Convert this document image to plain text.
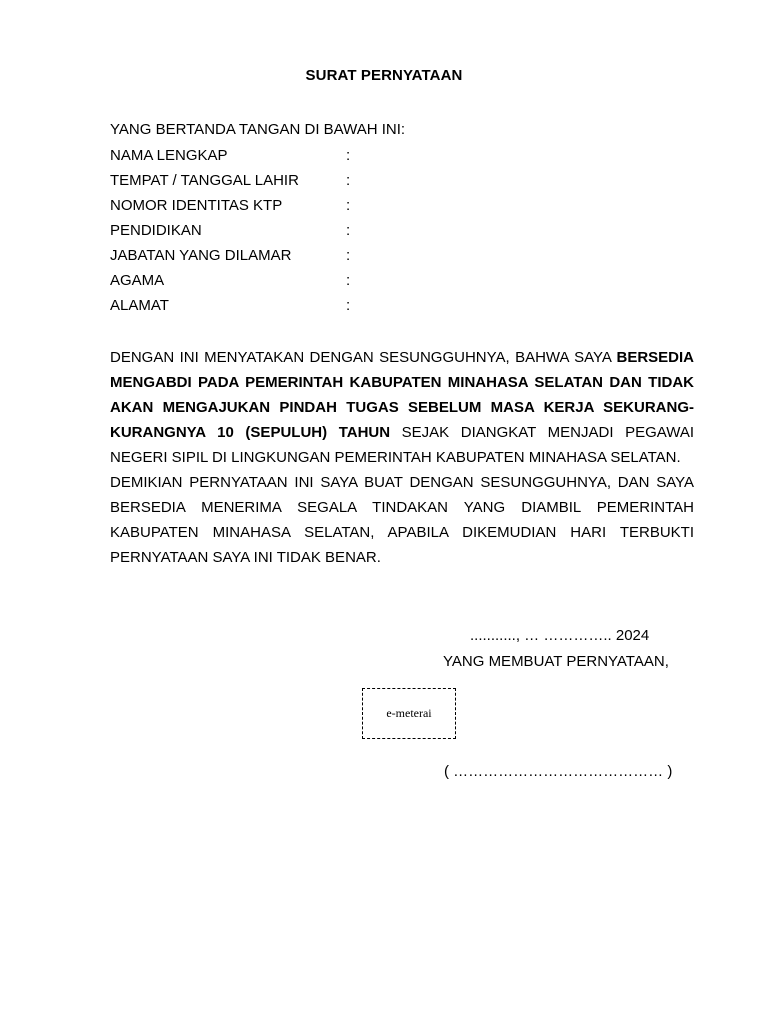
SURAT PERNYATAAN
YANG BERTANDA TANGAN DI BAWAH INI:
NAMA LENGKAP	:
TEMPAT / TANGGAL LAHIR	:
NOMOR IDENTITAS KTP	:
PENDIDIKAN	:
JABATAN YANG DILAMAR	:
AGAMA	:
ALAMAT	:

DENGAN INI MENYATAKAN DENGAN SESUNGGUHNYA, BAHWA SAYA BERSEDIA MENGABDI PADA PEMERINTAH KABUPATEN MINAHASA SELATAN DAN TIDAK AKAN MENGAJUKAN PINDAH TUGAS SEBELUM MASA KERJA SEKURANG-KURANGNYA 10 (SEPULUH) TAHUN SEJAK DIANGKAT MENJADI PEGAWAI NEGERI SIPIL DI LINGKUNGAN PEMERINTAH KABUPATEN MINAHASA SELATAN.

DEMIKIAN PERNYATAAN INI SAYA BUAT DENGAN SESUNGGUHNYA, DAN SAYA BERSEDIA MENERIMA SEGALA TINDAKAN YANG DIAMBIL PEMERINTAH KABUPATEN MINAHASA SELATAN, APABILA DIKEMUDIAN HARI TERBUKTI PERNYATAAN SAYA INI TIDAK BENAR.

..........., … ………….. 2024
YANG MEMBUAT PERNYATAAN,
e-meterai
( …………………………………… )
